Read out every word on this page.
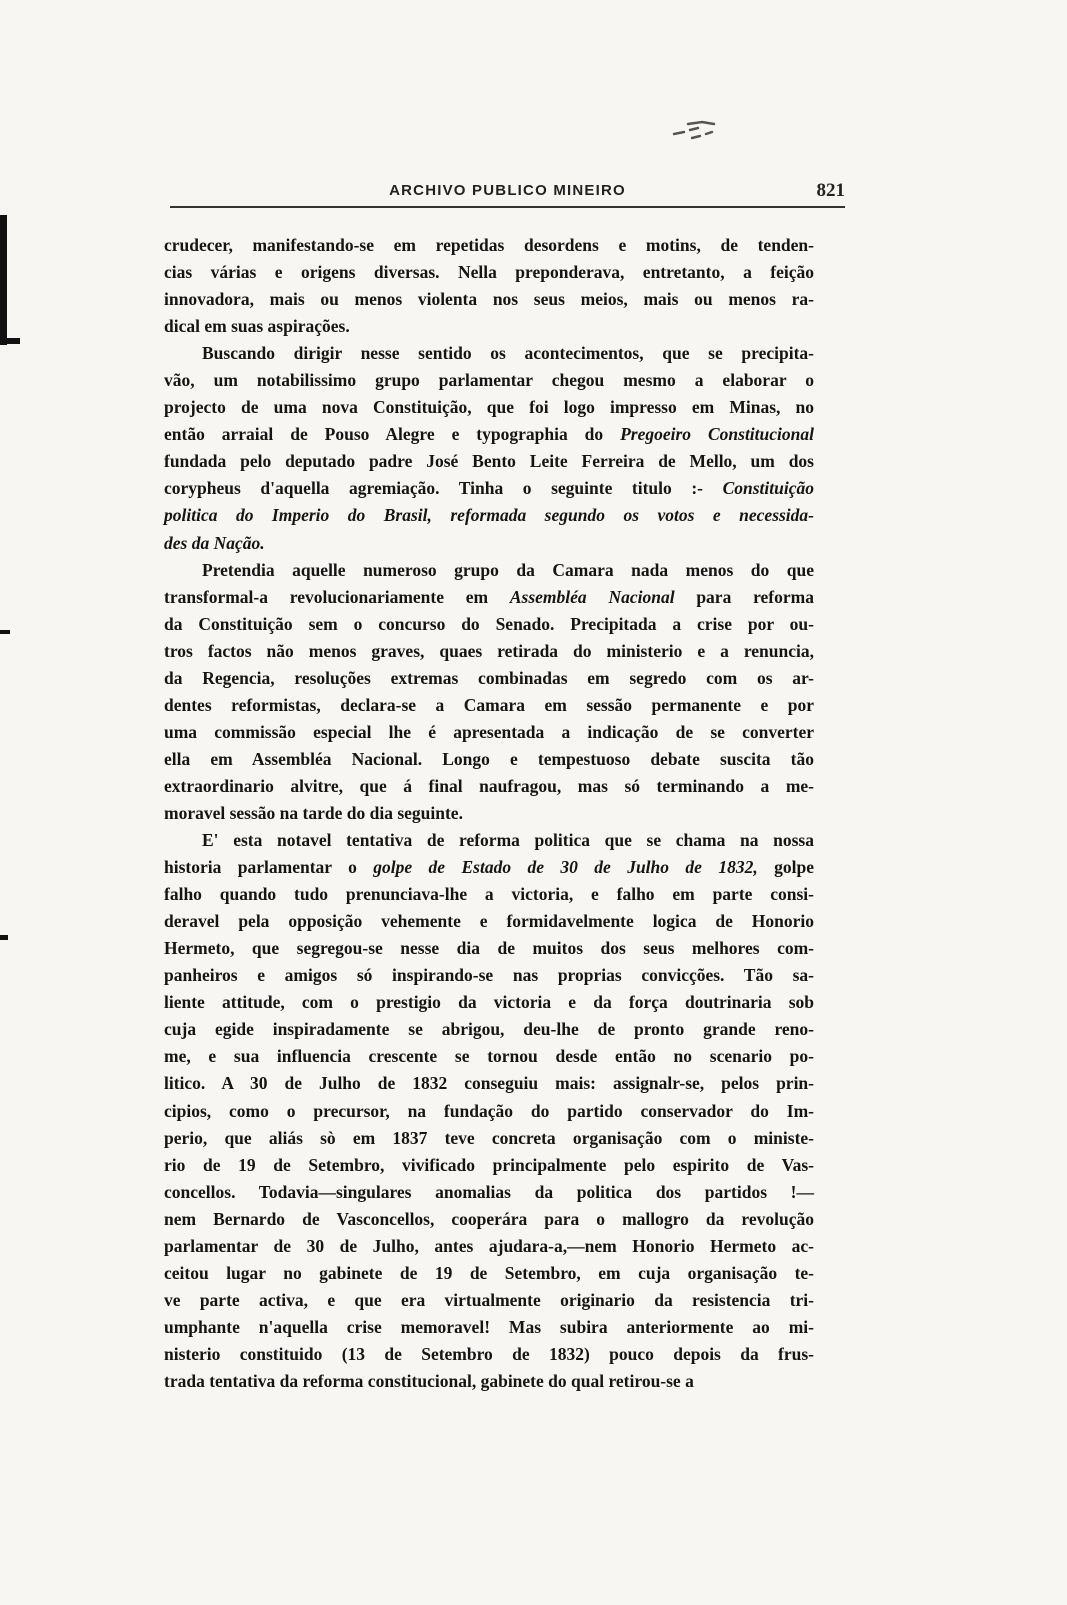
ARCHIVO PUBLICO MINEIRO	821
crudecer, manifestando-se em repetidas desordens e motins, de tenden-
cias várias e origens diversas. Nella preponderava, entretanto, a feição
innovadora, mais ou menos violenta nos seus meios, mais ou menos ra-
dical em suas aspirações.
Buscando dirigir nesse sentido os acontecimentos, que se precipita-
vão, um notabilissimo grupo parlamentar chegou mesmo a elaborar o
projecto de uma nova Constituição, que foi logo impresso em Minas, no
então arraial de Pouso Alegre e typographia do Pregoeiro Constitucional
fundada pelo deputado padre José Bento Leite Ferreira de Mello, um dos
corypheus d'aquella agremiação. Tinha o seguinte titulo :- Constituição
politica do Imperio do Brasil, reformada segundo os votos e necessida-
des da Nação.
Pretendia aquelle numeroso grupo da Camara nada menos do que
transformal-a revolucionariamente em Assembléa Nacional para reforma
da Constituição sem o concurso do Senado. Precipitada a crise por ou-
tros factos não menos graves, quaes retirada do ministerio e a renuncia,
da Regencia, resoluções extremas combinadas em segredo com os ar-
dentes reformistas, declara-se a Camara em sessão permanente e por
uma commissão especial lhe é apresentada a indicação de se converter
ella em Assembléa Nacional. Longo e tempestuoso debate suscita tão
extraordinario alvitre, que á final naufragou, mas só terminando a me-
moravel sessão na tarde do dia seguinte.
E' esta notavel tentativa de reforma politica que se chama na nossa
historia parlamentar o golpe de Estado de 30 de Julho de 1832, golpe
falho quando tudo prenunciava-lhe a victoria, e falho em parte consi-
deravel pela opposição vehemente e formidavelmente logica de Honorio
Hermeto, que segregou-se nesse dia de muitos dos seus melhores com-
panheiros e amigos só inspirando-se nas proprias convicções. Tão sa-
liente attitude, com o prestigio da victoria e da força doutrinaria sob
cuja egide inspiradamente se abrigou, deu-lhe de pronto grande reno-
me, e sua influencia crescente se tornou desde então no scenario po-
litico. A 30 de Julho de 1832 conseguiu mais: assignalr-se, pelos prin-
cipios, como o precursor, na fundação do partido conservador do Im-
perio, que aliás sò em 1837 teve concreta organisação com o ministe-
rio de 19 de Setembro, vivificado principalmente pelo espirito de Vas-
concellos. Todavia—singulares anomalias da politica dos partidos !—
nem Bernardo de Vasconcellos, cooperára para o mallogro da revolução
parlamentar de 30 de Julho, antes ajudara-a,—nem Honorio Hermeto ac-
ceitou lugar no gabinete de 19 de Setembro, em cuja organisação te-
ve parte activa, e que era virtualmente originario da resistencia tri-
umphante n'aquella crise memoravel! Mas subira anteriormente ao mi-
nisterio constituido (13 de Setembro de 1832) pouco depois da frus-
trada tentativa da reforma constitucional, gabinete do qual retirou-se a
